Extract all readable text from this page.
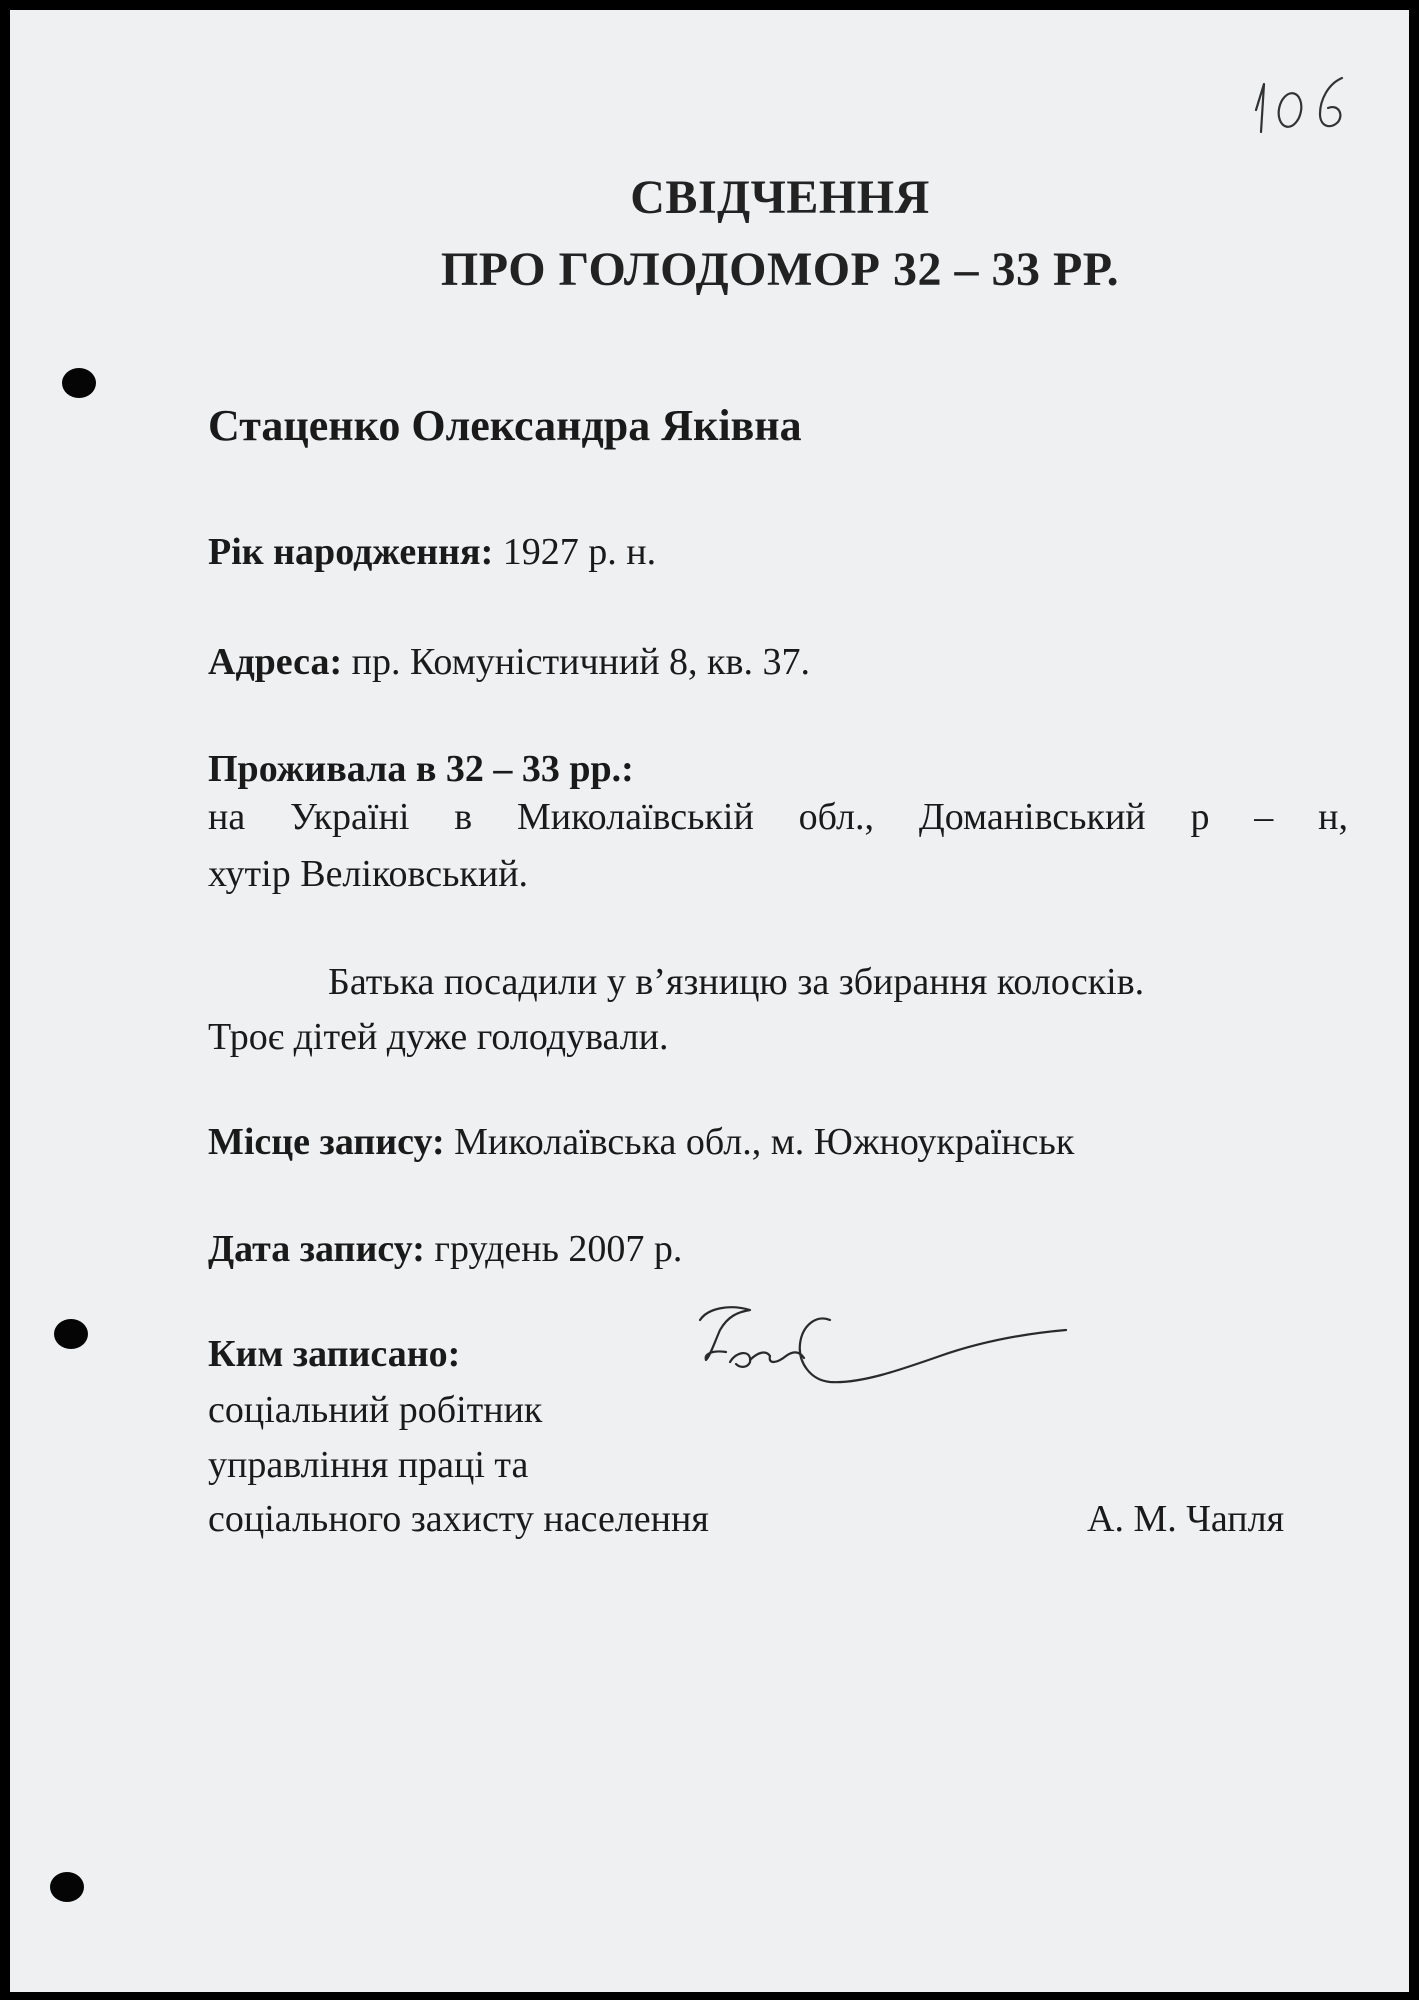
СВІДЧЕННЯ
ПРО ГОЛОДОМОР 32 – 33 РР.
Стаценко Олександра Яківна
Рік народження: 1927 р. н.
Адреса: пр. Комуністичний 8, кв. 37.
Проживала в 32 – 33 рр.:
на Україні в Миколаївській обл., Доманівський р – н,
хутір Веліковський.
Батька посадили у в’язницю за збирання колосків.
Троє дітей дуже голодували.
Місце запису: Миколаївська обл., м. Южноукраїнськ
Дата запису: грудень 2007 р.
Ким записано:
соціальний робітник
управління праці та
соціального захисту населення	А. М. Чапля
